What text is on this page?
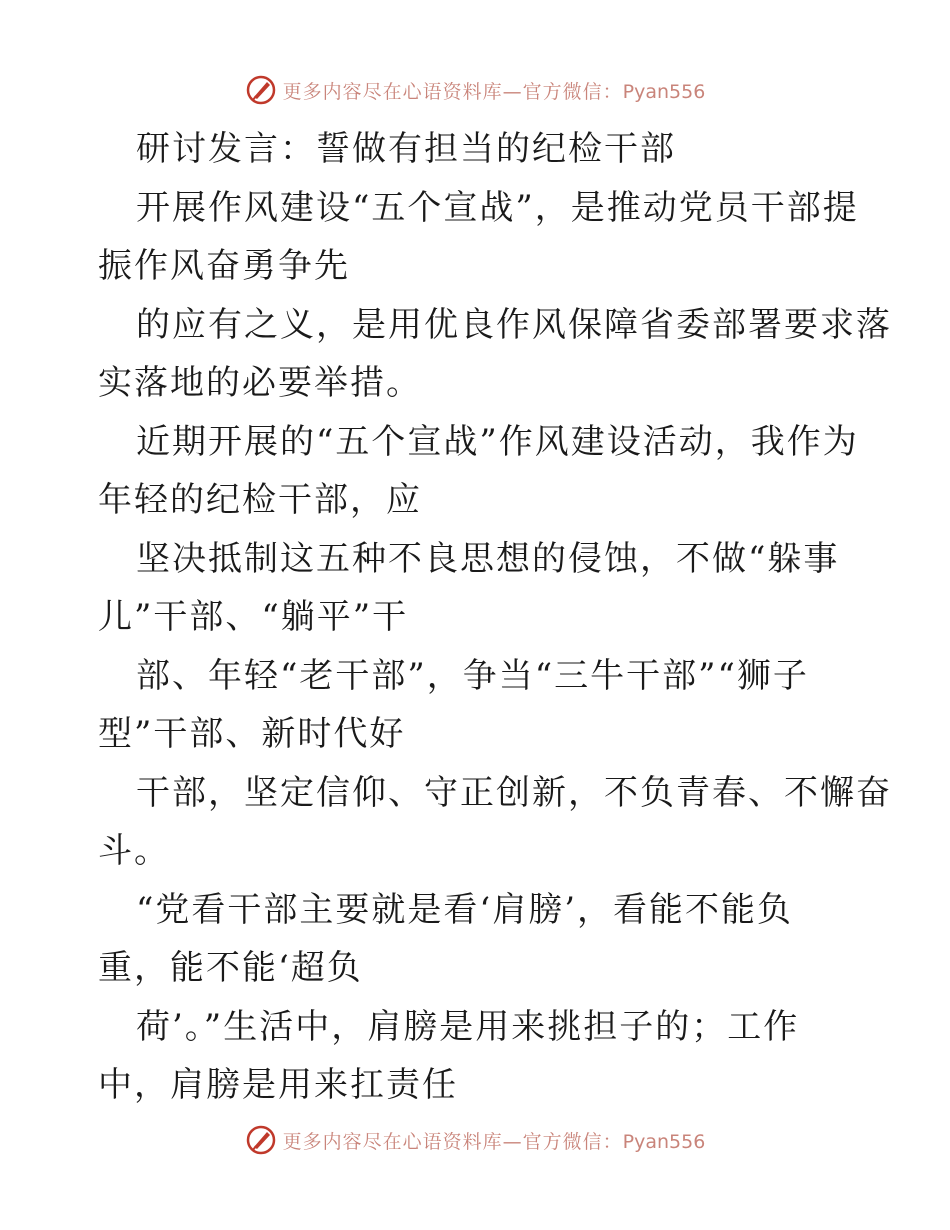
更多内容尽在心语资料库—官方微信：Pyan556
研讨发言：誓做有担当的纪检干部
开展作风建设“五个宣战”，是推动党员干部提
振作风奋勇争先
的应有之义，是用优良作风保障省委部署要求落
实落地的必要举措。
近期开展的“五个宣战”作风建设活动，我作为
年轻的纪检干部，应
坚决抵制这五种不良思想的侵蚀，不做“躲事
儿”干部、“躺平”干
部、年轻“老干部”，争当“三牛干部”“狮子
型”干部、新时代好
干部，坚定信仰、守正创新，不负青春、不懈奋
斗。
“党看干部主要就是看‘肩膀’，看能不能负
重，能不能‘超负
荷’。”生活中，肩膀是用来挑担子的；工作
中，肩膀是用来扛责任
更多内容尽在心语资料库—官方微信：Pyan556
